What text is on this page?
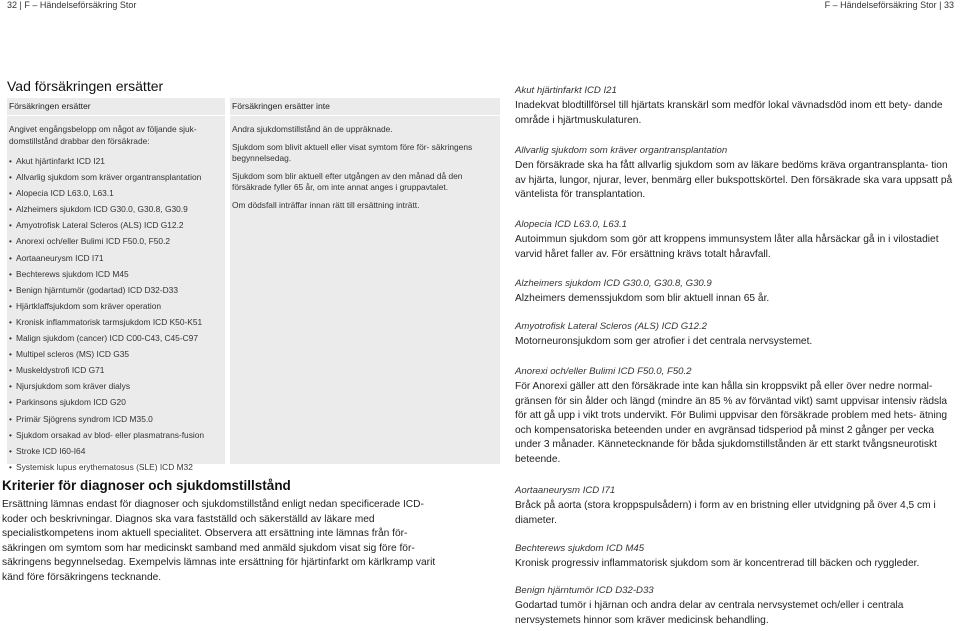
32 | F – Händelseförsäkring Stor	F – Händelseförsäkring Stor | 33
Vad försäkringen ersätter
Försäkringen ersätter

Angivet engångsbelopp om något av följande sjuk- domstillstånd drabbar den försäkrade:

• Akut hjärtinfarkt ICD I21
• Allvarlig sjukdom som kräver organtransplantation
• Alopecia ICD L63.0, L63.1
• Alzheimers sjukdom ICD G30.0, G30.8, G30.9
• Amyotrofisk Lateral Scleros (ALS) ICD G12.2
• Anorexi och/eller Bulimi ICD F50.0, F50.2
• Aortaaneurysm ICD I71
• Bechterews sjukdom ICD M45
• Benign hjärntumör (godartad) ICD D32-D33
• Hjärtklaffsjukdom som kräver operation
• Kronisk inflammatorisk tarmsjukdom ICD K50-K51
• Malign sjukdom (cancer) ICD C00-C43, C45-C97
• Multipel scleros (MS) ICD G35
• Muskeldystrofi ICD G71
• Njursjukdom som kräver dialys
• Parkinsons sjukdom ICD G20
• Primär Sjögrens syndrom ICD M35.0
• Sjukdom orsakad av blod- eller plasmatrans-fusion
• Stroke ICD I60-I64
• Systemisk lupus erythematosus (SLE) ICD M32
Försäkringen ersätter inte

Andra sjukdomstillstånd än de uppräknade.

Sjukdom som blivit aktuell eller visat symtom före för- säkringens begynnelsedag.

Sjukdom som blir aktuell efter utgången av den månad då den försäkrade fyller 65 år, om inte annat anges i gruppavtalet.

Om dödsfall inträffar innan rätt till ersättning inträtt.

Kriterier för diagnoser och sjukdomstillstånd

Ersättning lämnas endast för diagnoser och sjukdomstillstånd enligt nedan specificerade ICD-koder och beskrivningar. Diagnos ska vara fastställd och säkerställd av läkare med specialistkompetens inom aktuell specialitet. Observera att ersättning inte lämnas från för- säkringen om symtom som har medicinskt samband med anmäld sjukdom visat sig före för- säkringens begynnelsedag. Exempelvis lämnas inte ersättning för hjärtinfarkt om kärlkramp varit känd före försäkringens tecknande.

Akut hjärtinfarkt ICD I21

Inadekvat blodtillförsel till hjärtats kranskärl som medför lokal vävnadsdöd inom ett bety- dande område i hjärtmuskulaturen.

Allvarlig sjukdom som kräver organtransplantation

Den försäkrade ska ha fått allvarlig sjukdom som av läkare bedöms kräva organtransplanta- tion av hjärta, lungor, njurar, lever, benmärg eller bukspottskörtel. Den försäkrade ska vara uppsatt på väntelista för transplantation.

Alopecia ICD L63.0, L63.1

Autoimmun sjukdom som gör att kroppens immunsystem låter alla hårsäckar gå in i vilostadiet varvid håret faller av. För ersättning krävs totalt håravfall.

Alzheimers sjukdom ICD G30.0, G30.8, G30.9

Alzheimers demenssjukdom som blir aktuell innan 65 år.

Amyotrofisk Lateral Scleros (ALS) ICD G12.2

Motorneuronsjukdom som ger atrofier i det centrala nervsystemet.

Anorexi och/eller Bulimi ICD F50.0, F50.2

För Anorexi gäller att den försäkrade inte kan hålla sin kroppsvikt på eller över nedre normal- gränsen för sin ålder och längd (mindre än 85 % av förväntad vikt) samt uppvisar intensiv rädsla för att gå upp i vikt trots undervikt. För Bulimi uppvisar den försäkrade problem med hets- ätning och kompensatoriska beteenden under en avgränsad tidsperiod på minst 2 gånger per vecka under 3 månader. Kännetecknande för båda sjukdomstillstånden är ett starkt tvångsneurotiskt beteende.

Aortaaneurysm ICD I71

Bråck på aorta (stora kroppspulsådern) i form av en bristning eller utvidgning på över 4,5 cm i diameter.

Bechterews sjukdom ICD M45

Kronisk progressiv inflammatorisk sjukdom som är koncentrerad till bäcken och ryggleder.

Benign hjärntumör ICD D32-D33

Godartad tumör i hjärnan och andra delar av centrala nervsystemet och/eller i centrala nervsystemets hinnor som kräver medicinsk behandling.
